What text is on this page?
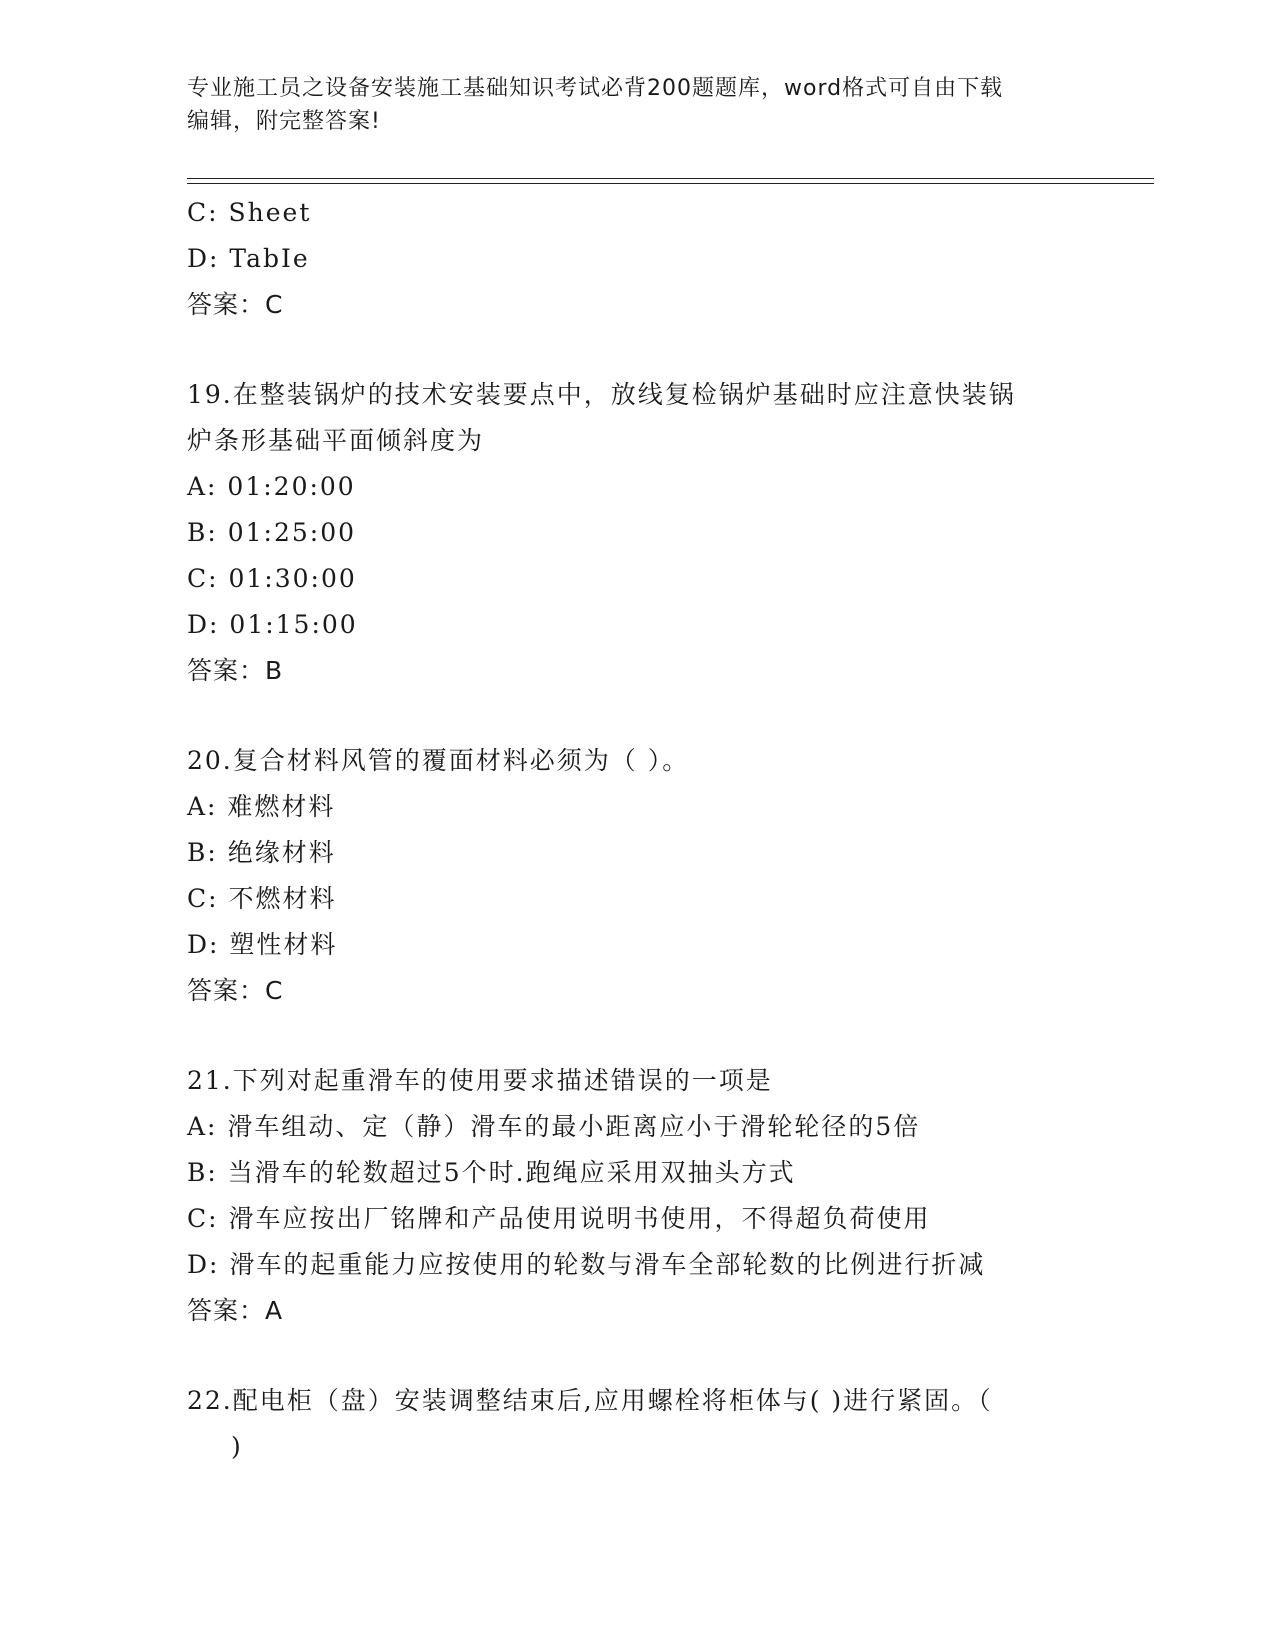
专业施工员之设备安装施工基础知识考试必背200题题库，word格式可自由下载
编辑，附完整答案!
C: Sheet
D: TabIe
答案：C
19.在整装锅炉的技术安装要点中，放线复检锅炉基础时应注意快装锅
炉条形基础平面倾斜度为
A: 01:20:00
B: 01:25:00
C: 01:30:00
D: 01:15:00
答案：B
20.复合材料风管的覆面材料必须为（ ）。
A: 难燃材料
B: 绝缘材料
C: 不燃材料
D: 塑性材料
答案：C
21.下列对起重滑车的使用要求描述错误的一项是
A: 滑车组动、定（静）滑车的最小距离应小于滑轮轮径的5倍
B: 当滑车的轮数超过5个时.跑绳应采用双抽头方式
C: 滑车应按出厂铭牌和产品使用说明书使用，不得超负荷使用
D: 滑车的起重能力应按使用的轮数与滑车全部轮数的比例进行折减
答案：A
22.配电柜（盘）安装调整结束后,应用螺栓将柜体与( )进行紧固。（
)
